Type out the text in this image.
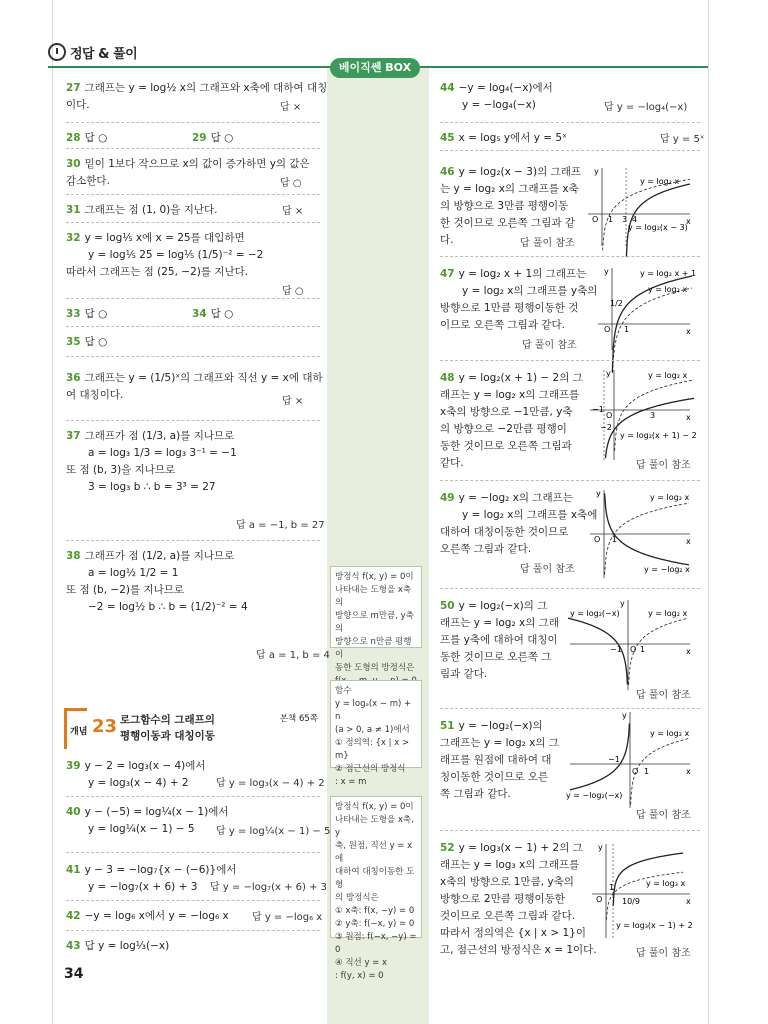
정답 & 풀이
베이직쎈 BOX
개념 23 로그함수의 그래프의
평행이동과 대칭이동
본책 65쪽
x
y
y = log₂ x
y = log₂(x − 3)
O 1 3 4
x
y	y = log₂ x + 1
y = log₂ x
1/2
O 1
x
y	y = log₂ x
y = log₂(x + 1) − 2
−1
O	3
−2
x
y	y = log₂ x
y = −log₂ x
O 1
x
y
y = log₂(−x)	y = log₂ x
−1 O 1
x
y
y = log₂ x
y = −log₂(−x)
−1
O 1
x
y
y = log₃ x
y = log₃(x − 1) + 2
O
1
10/9
34
27 그래프는 y = log½ x의 그래프와 x축에 대하여 대칭
이다.	답 ×
28 답 ○	29 답 ○
30 밑이 1보다 작으므로 x의 값이 증가하면 y의 값은
감소한다.	답 ○
31 그래프는 점 (1, 0)을 지난다.	답 ×
32 y = log⅕ x에 x = 25를 대입하면
y = log⅕ 25 = log⅕ (1/5)⁻² = −2
따라서 그래프는 점 (25, −2)를 지난다.
답 ○
33 답 ○	34 답 ○
35 답 ○
36 그래프는 y = (1/5)ˣ의 그래프와 직선 y = x에 대하
여 대칭이다.
답 ×
37 그래프가 점 (1/3, a)를 지나므로
a = log₃ 1/3 = log₃ 3⁻¹ = −1
또 점 (b, 3)을 지나므로
3 = log₃ b ∴ b = 3³ = 27
답 a = −1, b = 27
38 그래프가 점 (1/2, a)를 지나므로
a = log½ 1/2 = 1
또 점 (b, −2)를 지나므로
−2 = log½ b ∴ b = (1/2)⁻² = 4
답 a = 1, b = 4
39 y − 2 = log₃(x − 4)에서
y = log₃(x − 4) + 2	답 y = log₃(x − 4) + 2
40 y − (−5) = log¼(x − 1)에서
y = log¼(x − 1) − 5	답 y = log¼(x − 1) − 5
41 y − 3 = −log₇{x − (−6)}에서
y = −log₇(x + 6) + 3	답 y = −log₇(x + 6) + 3
42 −y = log₆ x에서 y = −log₆ x 답 y = −log₆ x
43 답 y = log⅓(−x)
방정식 f(x, y) = 0이
나타내는 도형을 x축의
방향으로 m만큼, y축의
방향으로 n만큼 평행이
동한 도형의 방정식은
함수
y = logₐ(x − m) + n
(a > 0, a ≠ 1)에서
① 정의역: {x | x > m}
② 점근선의 방정식
: x = m
방정식 f(x, y) = 0이
나타내는 도형을 x축, y
축, 원점, 직선 y = x에
대하여 대칭이동한 도형
의 방정식은
① x축: f(x, −y) = 0
② y축: f(−x, y) = 0
③ 원점: f(−x, −y) = 0
④ 직선 y = x
: f(y, x) = 0
44 −y = log₄(−x)에서
y = −log₄(−x)	답 y = −log₄(−x)
45 x = log₅ y에서 y = 5ˣ	답 y = 5ˣ
46 y = log₂(x − 3)의 그래프
는 y = log₂ x의 그래프를 x축
의 방향으로 3만큼 평행이동
한 것이므로 오른쪽 그림과 같
다.	답 풀이 참조
47 y = log₂ x + 1의 그래프는
y = log₂ x의 그래프를 y축의
방향으로 1만큼 평행이동한 것
이므로 오른쪽 그림과 같다.
답 풀이 참조
48 y = log₂(x + 1) − 2의 그
래프는 y = log₂ x의 그래프를
x축의 방향으로 −1만큼, y축
의 방향으로 −2만큼 평행이
동한 것이므로 오른쪽 그림과
같다.	답 풀이 참조
49 y = −log₂ x의 그래프는
y = log₂ x의 그래프를 x축에
대하여 대칭이동한 것이므로
오른쪽 그림과 같다.
답 풀이 참조
50 y = log₂(−x)의 그
래프는 y = log₂ x의 그래
프를 y축에 대하여 대칭이
동한 것이므로 오른쪽 그
림과 같다.
답 풀이 참조
51 y = −log₂(−x)의
그래프는 y = log₂ x의 그
래프를 원점에 대하여 대
칭이동한 것이므로 오른
쪽 그림과 같다.
답 풀이 참조
52 y = log₃(x − 1) + 2의 그
래프는 y = log₃ x의 그래프를
x축의 방향으로 1만큼, y축의
방향으로 2만큼 평행이동한
것이므로 오른쪽 그림과 같다.
따라서 정의역은 {x | x > 1}이
고, 점근선의 방정식은 x = 1이다.	답 풀이 참조
